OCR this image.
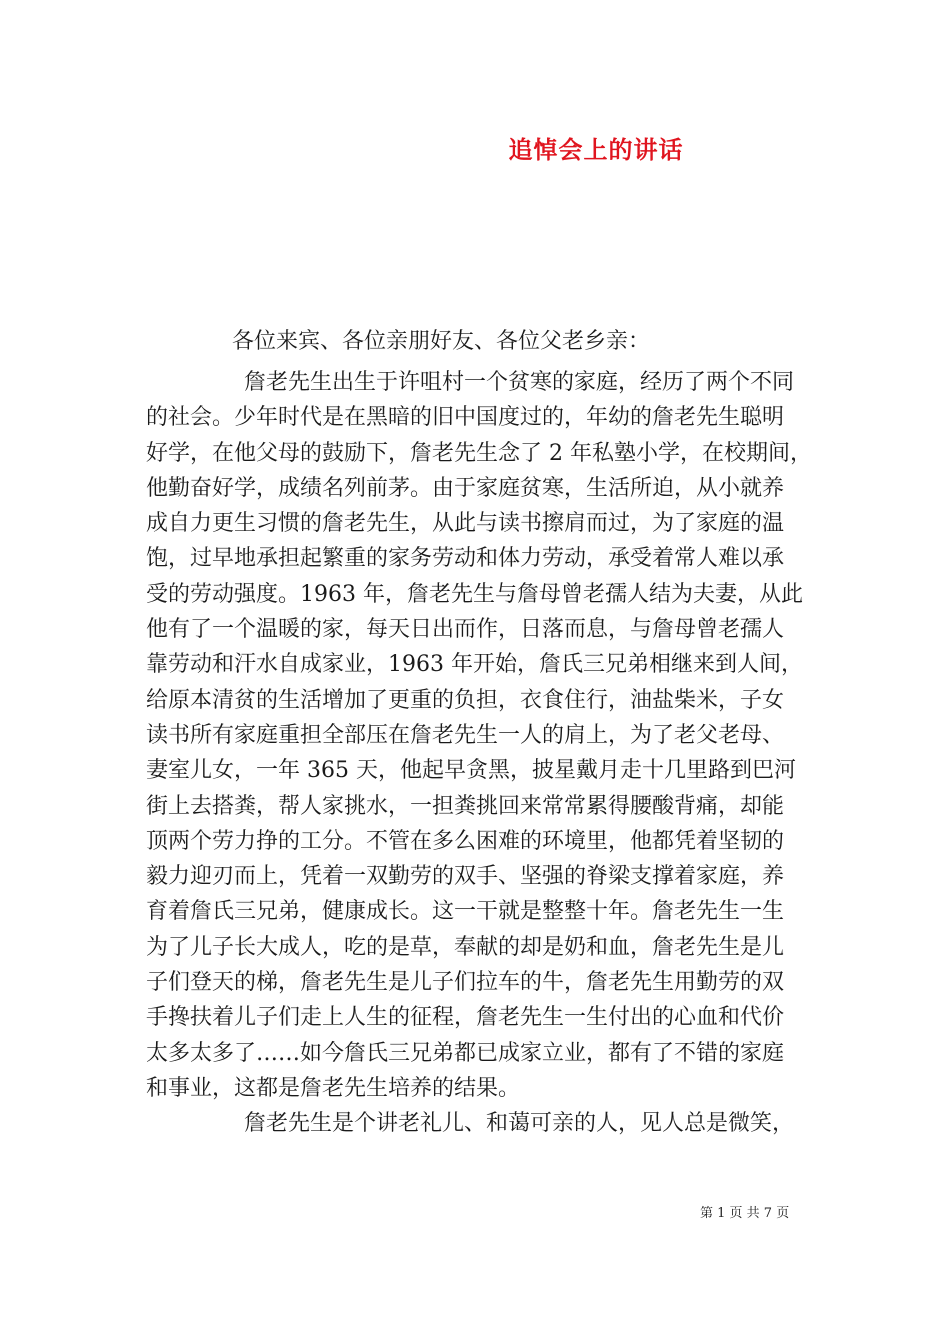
追悼会上的讲话
各位来宾、各位亲朋好友、各位父老乡亲：
詹老先生出生于许咀村一个贫寒的家庭，经历了两个不同
的社会。少年时代是在黑暗的旧中国度过的，年幼的詹老先生聪明
好学，在他父母的鼓励下，詹老先生念了 2 年私塾小学，在校期间，
他勤奋好学，成绩名列前茅。由于家庭贫寒，生活所迫，从小就养
成自力更生习惯的詹老先生，从此与读书擦肩而过，为了家庭的温
饱，过早地承担起繁重的家务劳动和体力劳动，承受着常人难以承
受的劳动强度。1963 年，詹老先生与詹母曾老孺人结为夫妻，从此
他有了一个温暖的家，每天日出而作，日落而息，与詹母曾老孺人
靠劳动和汗水自成家业，1963 年开始，詹氏三兄弟相继来到人间，
给原本清贫的生活增加了更重的负担，衣食住行，油盐柴米，子女
读书所有家庭重担全部压在詹老先生一人的肩上，为了老父老母、
妻室儿女，一年 365 天，他起早贪黑，披星戴月走十几里路到巴河
街上去搭粪，帮人家挑水，一担粪挑回来常常累得腰酸背痛，却能
顶两个劳力挣的工分。不管在多么困难的环境里，他都凭着坚韧的
毅力迎刃而上，凭着一双勤劳的双手、坚强的脊梁支撑着家庭，养
育着詹氏三兄弟，健康成长。这一干就是整整十年。詹老先生一生
为了儿子长大成人，吃的是草，奉献的却是奶和血，詹老先生是儿
子们登天的梯，詹老先生是儿子们拉车的牛，詹老先生用勤劳的双
手搀扶着儿子们走上人生的征程，詹老先生一生付出的心血和代价
太多太多了……如今詹氏三兄弟都已成家立业，都有了不错的家庭
和事业，这都是詹老先生培养的结果。
詹老先生是个讲老礼儿、和蔼可亲的人，见人总是微笑，
第 1 页 共 7 页
